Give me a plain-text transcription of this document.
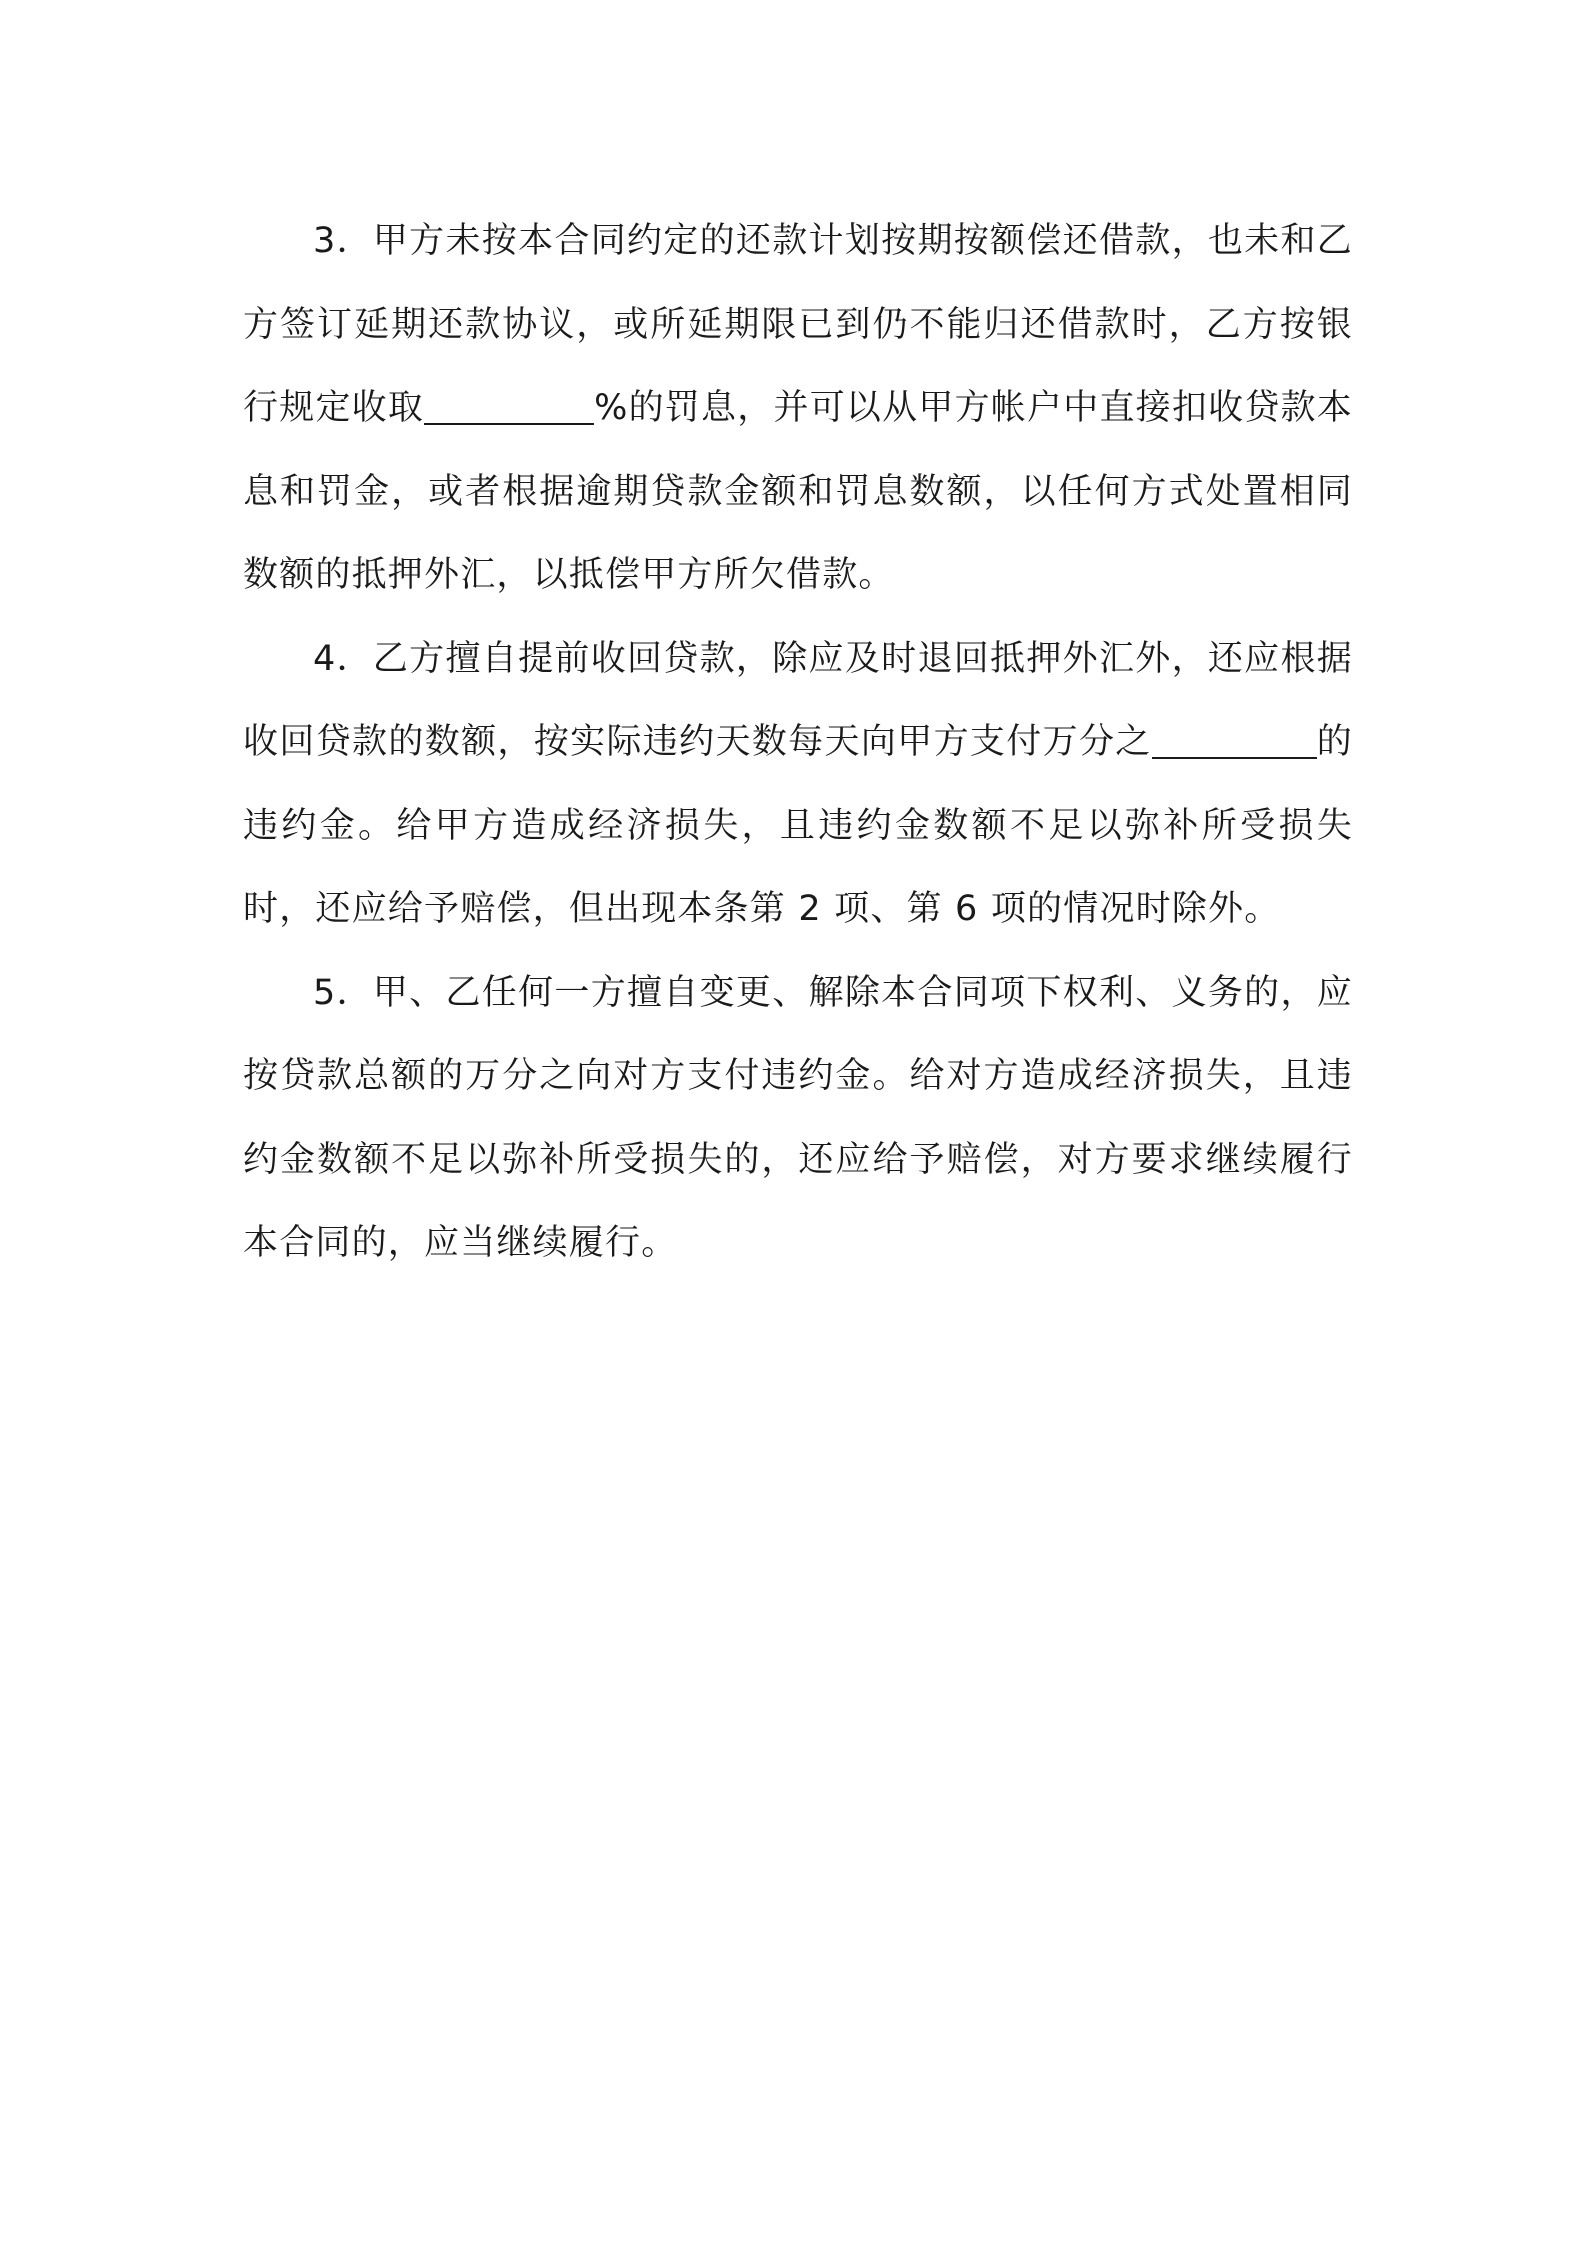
3．甲方未按本合同约定的还款计划按期按额偿还借款，也未和乙方签订延期还款协议，或所延期限已到仍不能归还借款时，乙方按银行规定收取	%的罚息，并可以从甲方帐户中直接扣收贷款本息和罚金，或者根据逾期贷款金额和罚息数额，以任何方式处置相同数额的抵押外汇，以抵偿甲方所欠借款。

4．乙方擅自提前收回贷款，除应及时退回抵押外汇外，还应根据收回贷款的数额，按实际违约天数每天向甲方支付万分之	的违约金。给甲方造成经济损失，且违约金数额不足以弥补所受损失时，还应给予赔偿，但出现本条第 2 项、第 6 项的情况时除外。

5．甲、乙任何一方擅自变更、解除本合同项下权利、义务的，应按贷款总额的万分之向对方支付违约金。给对方造成经济损失，且违约金数额不足以弥补所受损失的，还应给予赔偿，对方要求继续履行本合同的，应当继续履行。
